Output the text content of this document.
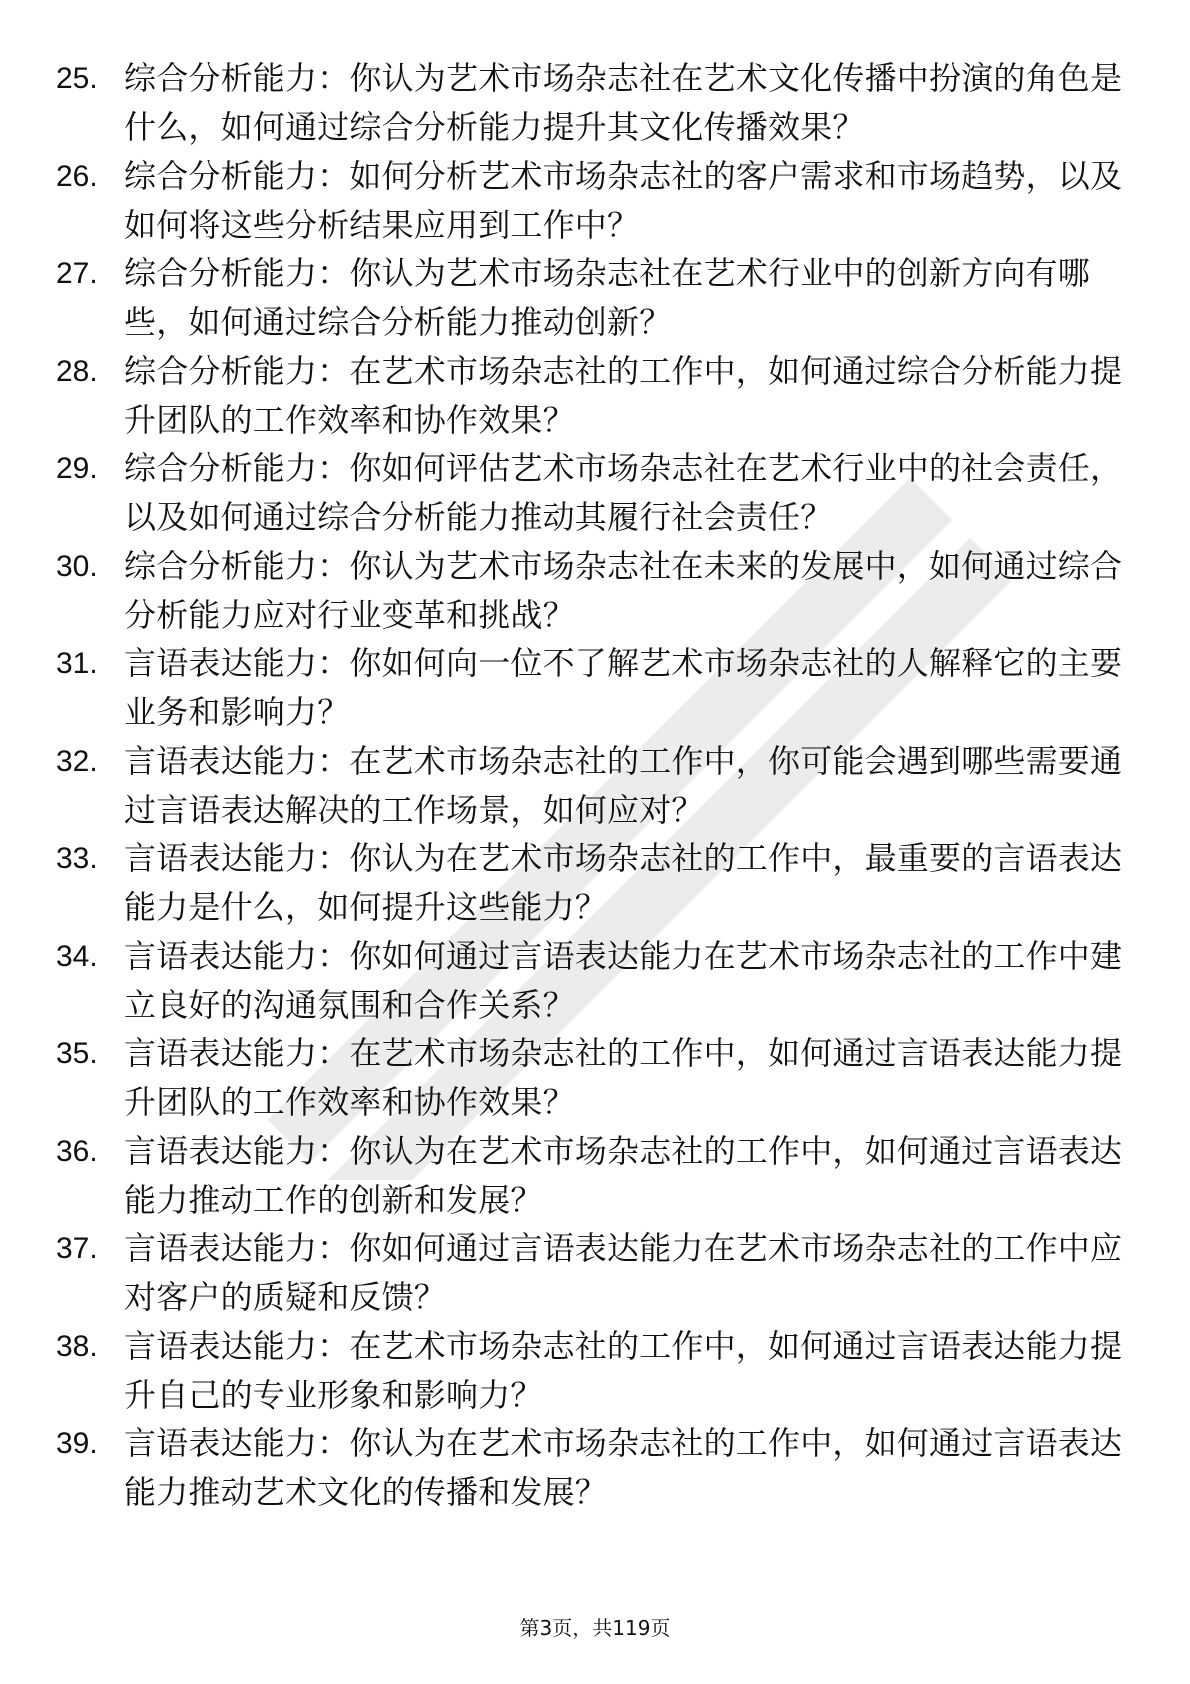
25. 综合分析能力：你认为艺术市场杂志社在艺术文化传播中扮演的角色是什么，如何通过综合分析能力提升其文化传播效果？
26. 综合分析能力：如何分析艺术市场杂志社的客户需求和市场趋势，以及如何将这些分析结果应用到工作中？
27. 综合分析能力：你认为艺术市场杂志社在艺术行业中的创新方向有哪些，如何通过综合分析能力推动创新？
28. 综合分析能力：在艺术市场杂志社的工作中，如何通过综合分析能力提升团队的工作效率和协作效果？
29. 综合分析能力：你如何评估艺术市场杂志社在艺术行业中的社会责任，以及如何通过综合分析能力推动其履行社会责任？
30. 综合分析能力：你认为艺术市场杂志社在未来的发展中，如何通过综合分析能力应对行业变革和挑战？
31. 言语表达能力：你如何向一位不了解艺术市场杂志社的人解释它的主要业务和影响力？
32. 言语表达能力：在艺术市场杂志社的工作中，你可能会遇到哪些需要通过言语表达解决的工作场景，如何应对？
33. 言语表达能力：你认为在艺术市场杂志社的工作中，最重要的言语表达能力是什么，如何提升这些能力？
34. 言语表达能力：你如何通过言语表达能力在艺术市场杂志社的工作中建立良好的沟通氛围和合作关系？
35. 言语表达能力：在艺术市场杂志社的工作中，如何通过言语表达能力提升团队的工作效率和协作效果？
36. 言语表达能力：你认为在艺术市场杂志社的工作中，如何通过言语表达能力推动工作的创新和发展？
37. 言语表达能力：你如何通过言语表达能力在艺术市场杂志社的工作中应对客户的质疑和反馈？
38. 言语表达能力：在艺术市场杂志社的工作中，如何通过言语表达能力提升自己的专业形象和影响力？
39. 言语表达能力：你认为在艺术市场杂志社的工作中，如何通过言语表达能力推动艺术文化的传播和发展？
第3页，共119页
